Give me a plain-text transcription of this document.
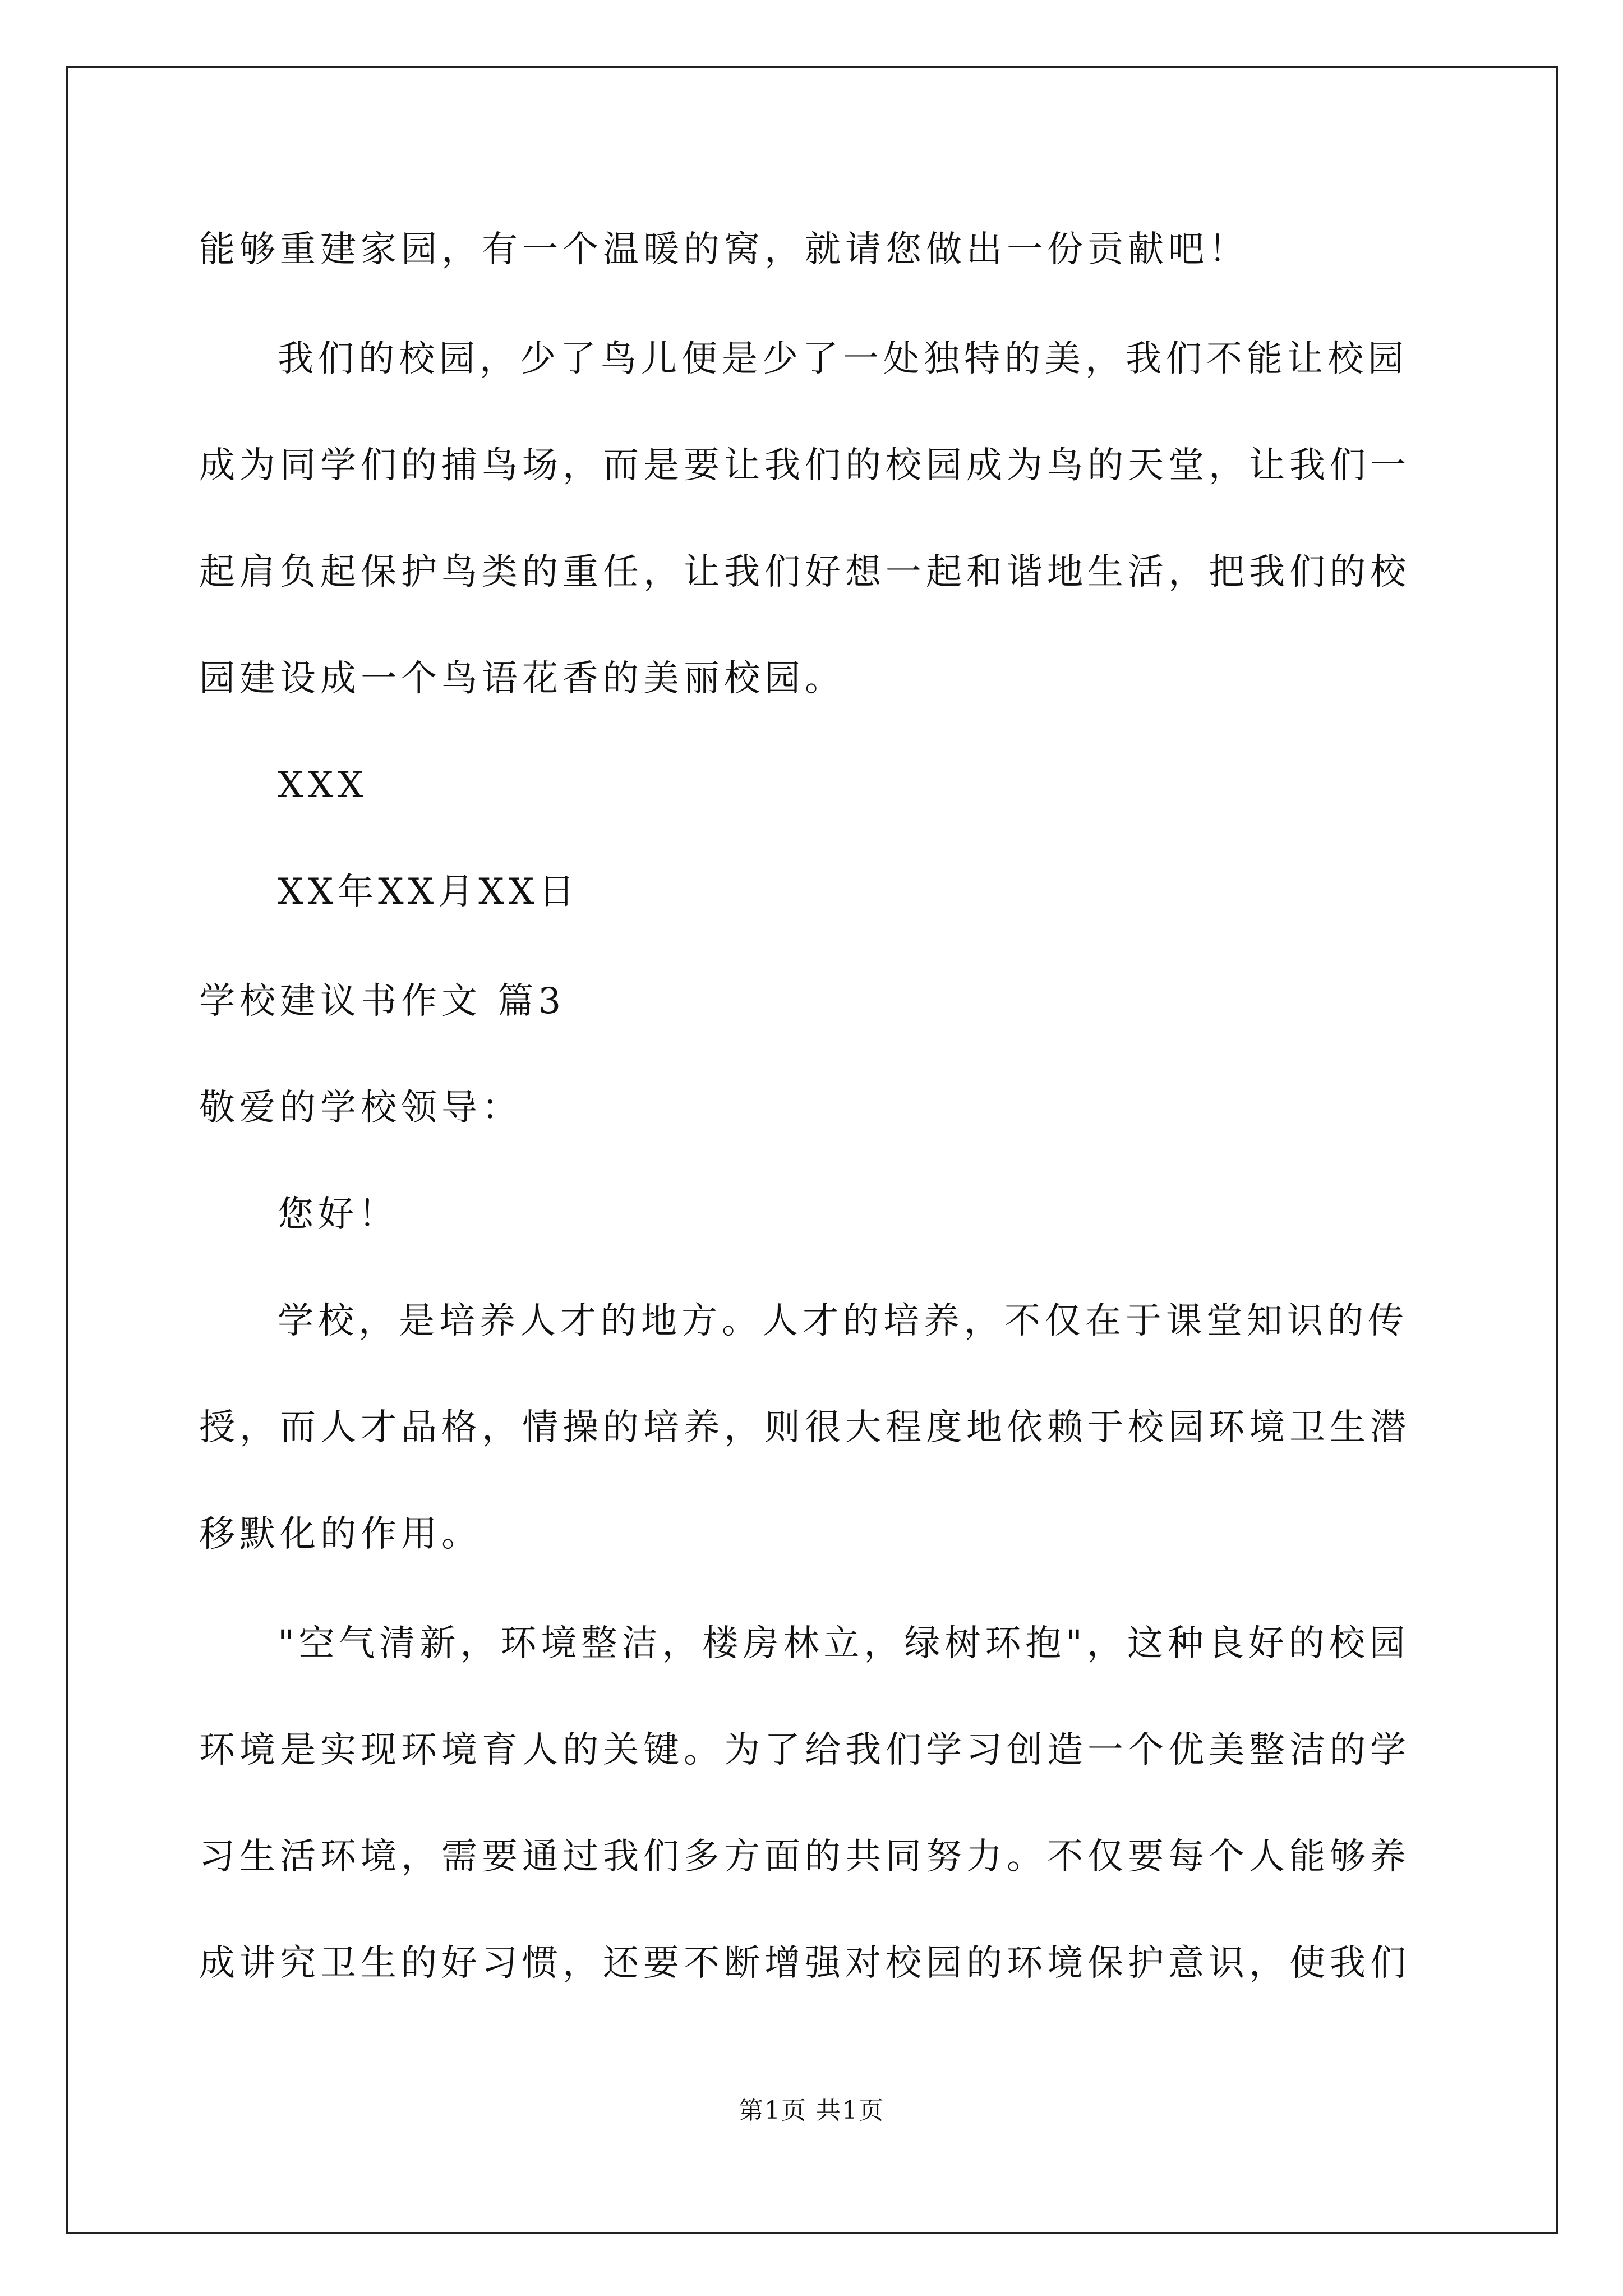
能够重建家园，有一个温暖的窝，就请您做出一份贡献吧！
我们的校园，少了鸟儿便是少了一处独特的美，我们不能让校园
成为同学们的捕鸟场，而是要让我们的校园成为鸟的天堂，让我们一
起肩负起保护鸟类的重任，让我们好想一起和谐地生活，把我们的校
园建设成一个鸟语花香的美丽校园。
XXX
XX年XX月XX日
学校建议书作文 篇3
敬爱的学校领导：
您好！
学校，是培养人才的地方。人才的培养，不仅在于课堂知识的传
授，而人才品格，情操的培养，则很大程度地依赖于校园环境卫生潜
移默化的作用。
"空气清新，环境整洁，楼房林立，绿树环抱"，这种良好的校园
环境是实现环境育人的关键。为了给我们学习创造一个优美整洁的学
习生活环境，需要通过我们多方面的共同努力。不仅要每个人能够养
成讲究卫生的好习惯，还要不断增强对校园的环境保护意识，使我们
第1页 共1页
